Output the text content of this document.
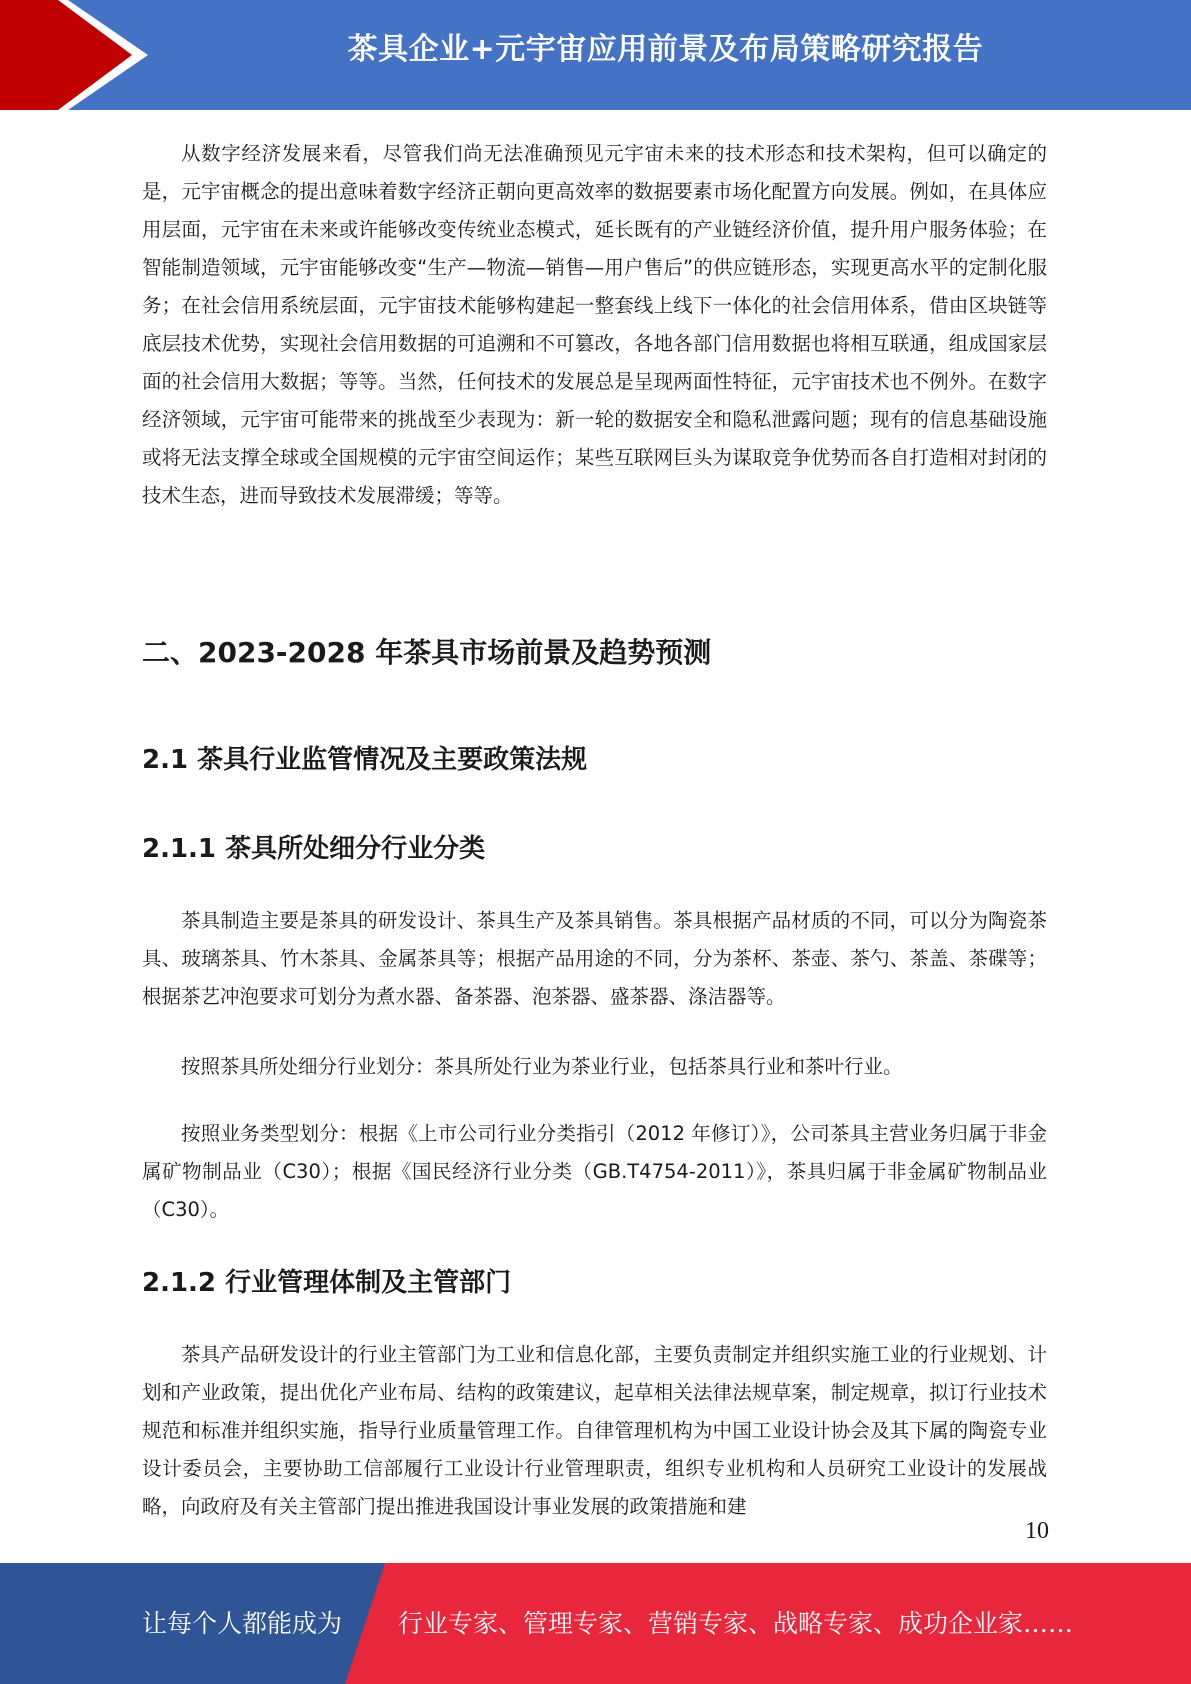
茶具企业+元宇宙应用前景及布局策略研究报告

从数字经济发展来看，尽管我们尚无法准确预见元宇宙未来的技术形态和技术架构，但可以确定的是，元宇宙概念的提出意味着数字经济正朝向更高效率的数据要素市场化配置方向发展。例如，在具体应用层面，元宇宙在未来或许能够改变传统业态模式，延长既有的产业链经济价值，提升用户服务体验；在智能制造领域，元宇宙能够改变“生产—物流—销售—用户售后”的供应链形态，实现更高水平的定制化服务；在社会信用系统层面，元宇宙技术能够构建起一整套线上线下一体化的社会信用体系，借由区块链等底层技术优势，实现社会信用数据的可追溯和不可篡改，各地各部门信用数据也将相互联通，组成国家层面的社会信用大数据；等等。当然，任何技术的发展总是呈现两面性特征，元宇宙技术也不例外。在数字经济领域，元宇宙可能带来的挑战至少表现为：新一轮的数据安全和隐私泄露问题；现有的信息基础设施或将无法支撑全球或全国规模的元宇宙空间运作；某些互联网巨头为谋取竞争优势而各自打造相对封闭的技术生态，进而导致技术发展滞缓；等等。

二、2023-2028 年茶具市场前景及趋势预测
2.1 茶具行业监管情况及主要政策法规
2.1.1 茶具所处细分行业分类

茶具制造主要是茶具的研发设计、茶具生产及茶具销售。茶具根据产品材质的不同，可以分为陶瓷茶具、玻璃茶具、竹木茶具、金属茶具等；根据产品用途的不同，分为茶杯、茶壶、茶勺、茶盖、茶碟等；根据茶艺冲泡要求可划分为煮水器、备茶器、泡茶器、盛茶器、涤洁器等。

按照茶具所处细分行业划分：茶具所处行业为茶业行业，包括茶具行业和茶叶行业。

按照业务类型划分：根据《上市公司行业分类指引（2012 年修订）》，公司茶具主营业务归属于非金属矿物制品业（C30）；根据《国民经济行业分类（GB.T4754-2011）》，茶具归属于非金属矿物制品业（C30）。

2.1.2 行业管理体制及主管部门

茶具产品研发设计的行业主管部门为工业和信息化部，主要负责制定并组织实施工业的行业规划、计划和产业政策，提出优化产业布局、结构的政策建议，起草相关法律法规草案，制定规章，拟订行业技术规范和标准并组织实施，指导行业质量管理工作。自律管理机构为中国工业设计协会及其下属的陶瓷专业设计委员会，主要协助工信部履行工业设计行业管理职责，组织专业机构和人员研究工业设计的发展战略，向政府及有关主管部门提出推进我国设计事业发展的政策措施和建

10
让每个人都能成为 行业专家、管理专家、营销专家、战略专家、成功企业家……
